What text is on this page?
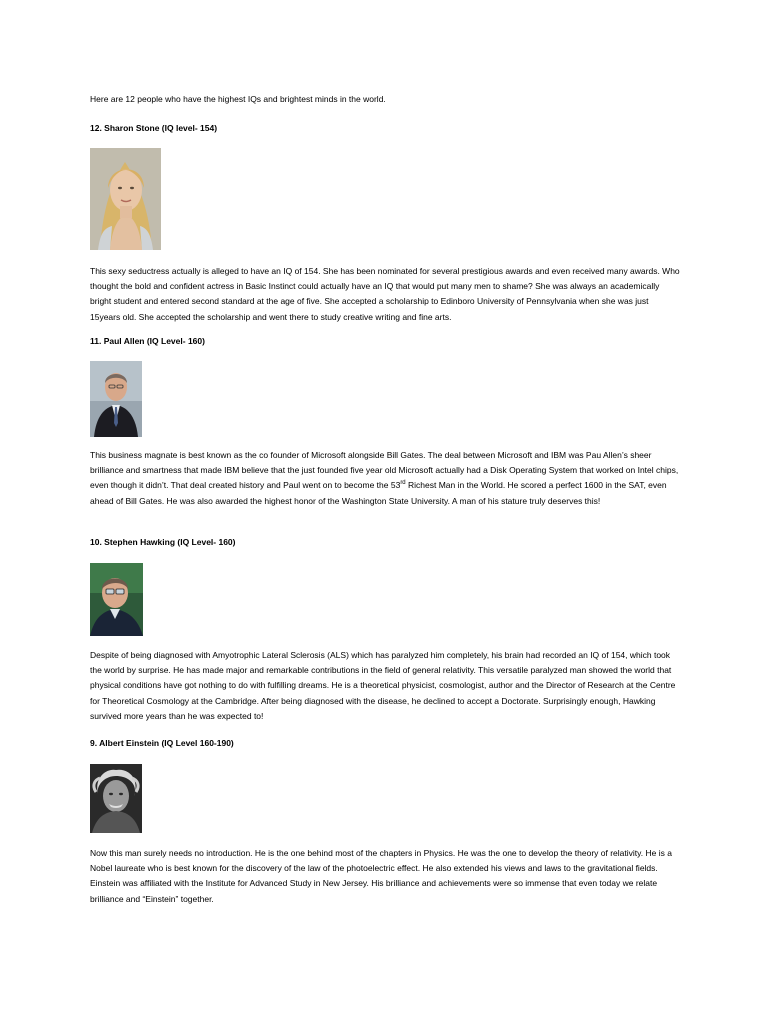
Here are 12 people who have the highest IQs and brightest minds in the world.
12. Sharon Stone (IQ level- 154)
This sexy seductress actually is alleged to have an IQ of 154. She has been nominated for several prestigious awards and even received many awards. Who thought the bold and confident actress in Basic Instinct could actually have an IQ that would put many men to shame? She was always an academically bright student and entered second standard at the age of five. She accepted a scholarship to Edinboro University of Pennsylvania when she was just 15years old. She accepted the scholarship and went there to study creative writing and fine arts.
11. Paul Allen (IQ Level- 160)
This business magnate is best known as the co founder of Microsoft alongside Bill Gates. The deal between Microsoft and IBM was Pau Allen’s sheer brilliance and smartness that made IBM believe that the just founded five year old Microsoft actually had a Disk Operating System that worked on Intel chips, even though it didn’t. That deal created history and Paul went on to become the 53rd Richest Man in the World. He scored a perfect 1600 in the SAT, even ahead of Bill Gates. He was also awarded the highest honor of the Washington State University. A man of his stature truly deserves this!
10. Stephen Hawking (IQ Level- 160)
Despite of being diagnosed with Amyotrophic Lateral Sclerosis (ALS) which has paralyzed him completely, his brain had recorded an IQ of 154, which took the world by surprise. He has made major and remarkable contributions in the field of general relativity. This versatile paralyzed man showed the world that physical conditions have got nothing to do with fulfilling dreams. He is a theoretical physicist, cosmologist, author and the Director of Research at the Centre for Theoretical Cosmology at the Cambridge. After being diagnosed with the disease, he declined to accept a Doctorate. Surprisingly enough, Hawking survived more years than he was expected to!
9. Albert Einstein (IQ Level 160-190)
Now this man surely needs no introduction. He is the one behind most of the chapters in Physics. He was the one to develop the theory of relativity. He is a Nobel laureate who is best known for the discovery of the law of the photoelectric effect. He also extended his views and laws to the gravitational fields. Einstein was affiliated with the Institute for Advanced Study in New Jersey. His brilliance and achievements were so immense that even today we relate brilliance and “Einstein” together.
